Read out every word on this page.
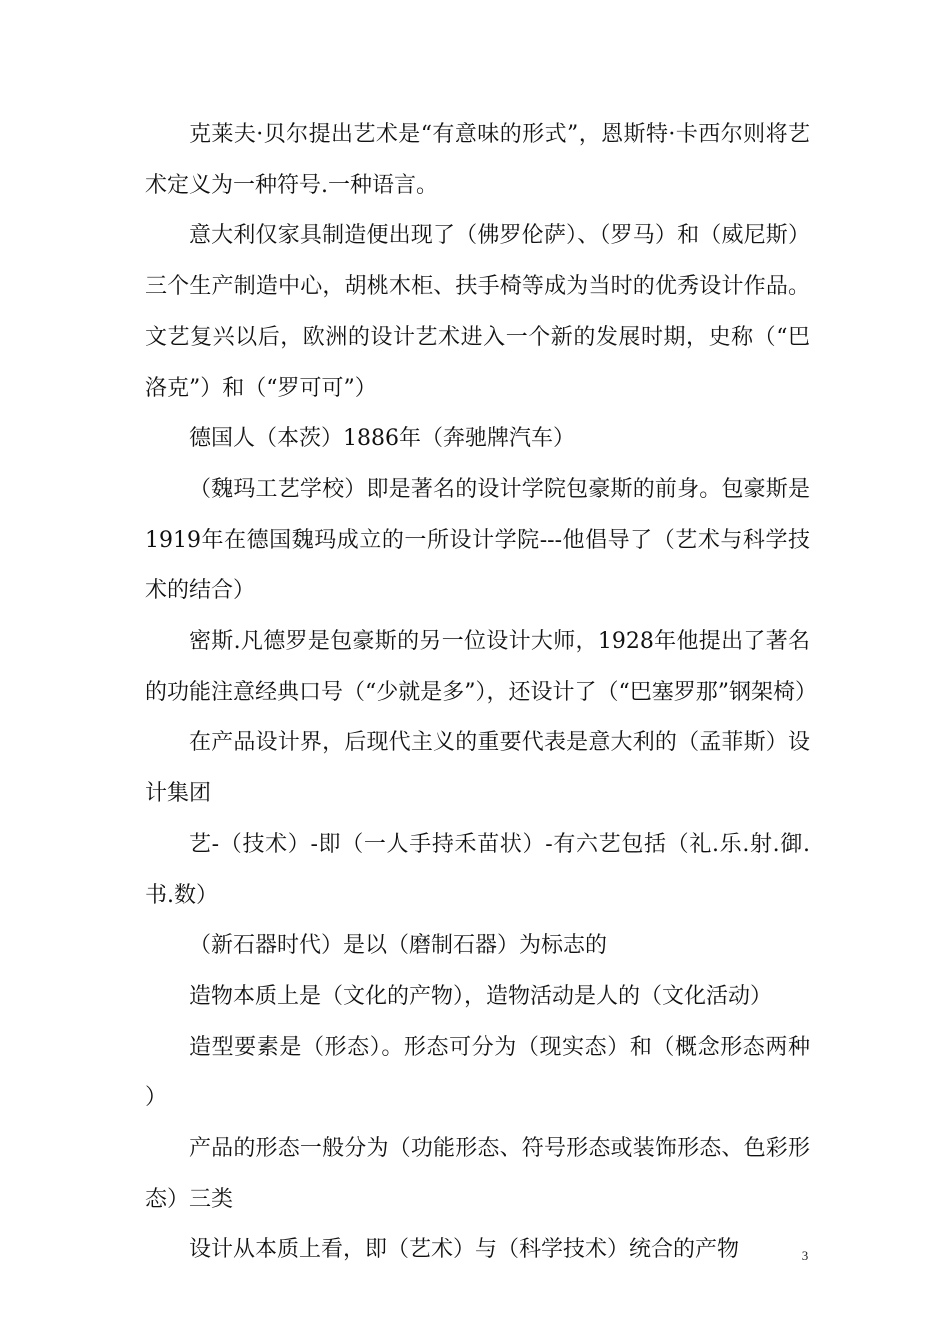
克莱夫·贝尔提出艺术是“有意味的形式”，恩斯特·卡西尔则将艺术定义为一种符号.一种语言。

意大利仅家具制造便出现了（佛罗伦萨）、（罗马）和（威尼斯）三个生产制造中心，胡桃木柜、扶手椅等成为当时的优秀设计作品。文艺复兴以后，欧洲的设计艺术进入一个新的发展时期，史称（“巴洛克”）和（“罗可可”）

德国人（本茨）1886年（奔驰牌汽车）

（魏玛工艺学校）即是著名的设计学院包豪斯的前身。包豪斯是1919年在德国魏玛成立的一所设计学院---他倡导了（艺术与科学技术的结合）

密斯.凡德罗是包豪斯的另一位设计大师，1928年他提出了著名的功能注意经典口号（“少就是多”），还设计了（“巴塞罗那”钢架椅）

在产品设计界，后现代主义的重要代表是意大利的（孟菲斯）设计集团

艺-（技术）-即（一人手持禾苗状）-有六艺包括（礼.乐.射.御.书.数）

（新石器时代）是以（磨制石器）为标志的

造物本质上是（文化的产物），造物活动是人的（文化活动）

造型要素是（形态）。形态可分为（现实态）和（概念形态两种 ）

产品的形态一般分为（功能形态、符号形态或装饰形态、色彩形态）三类

设计从本质上看，即（艺术）与（科学技术）统合的产物	3
